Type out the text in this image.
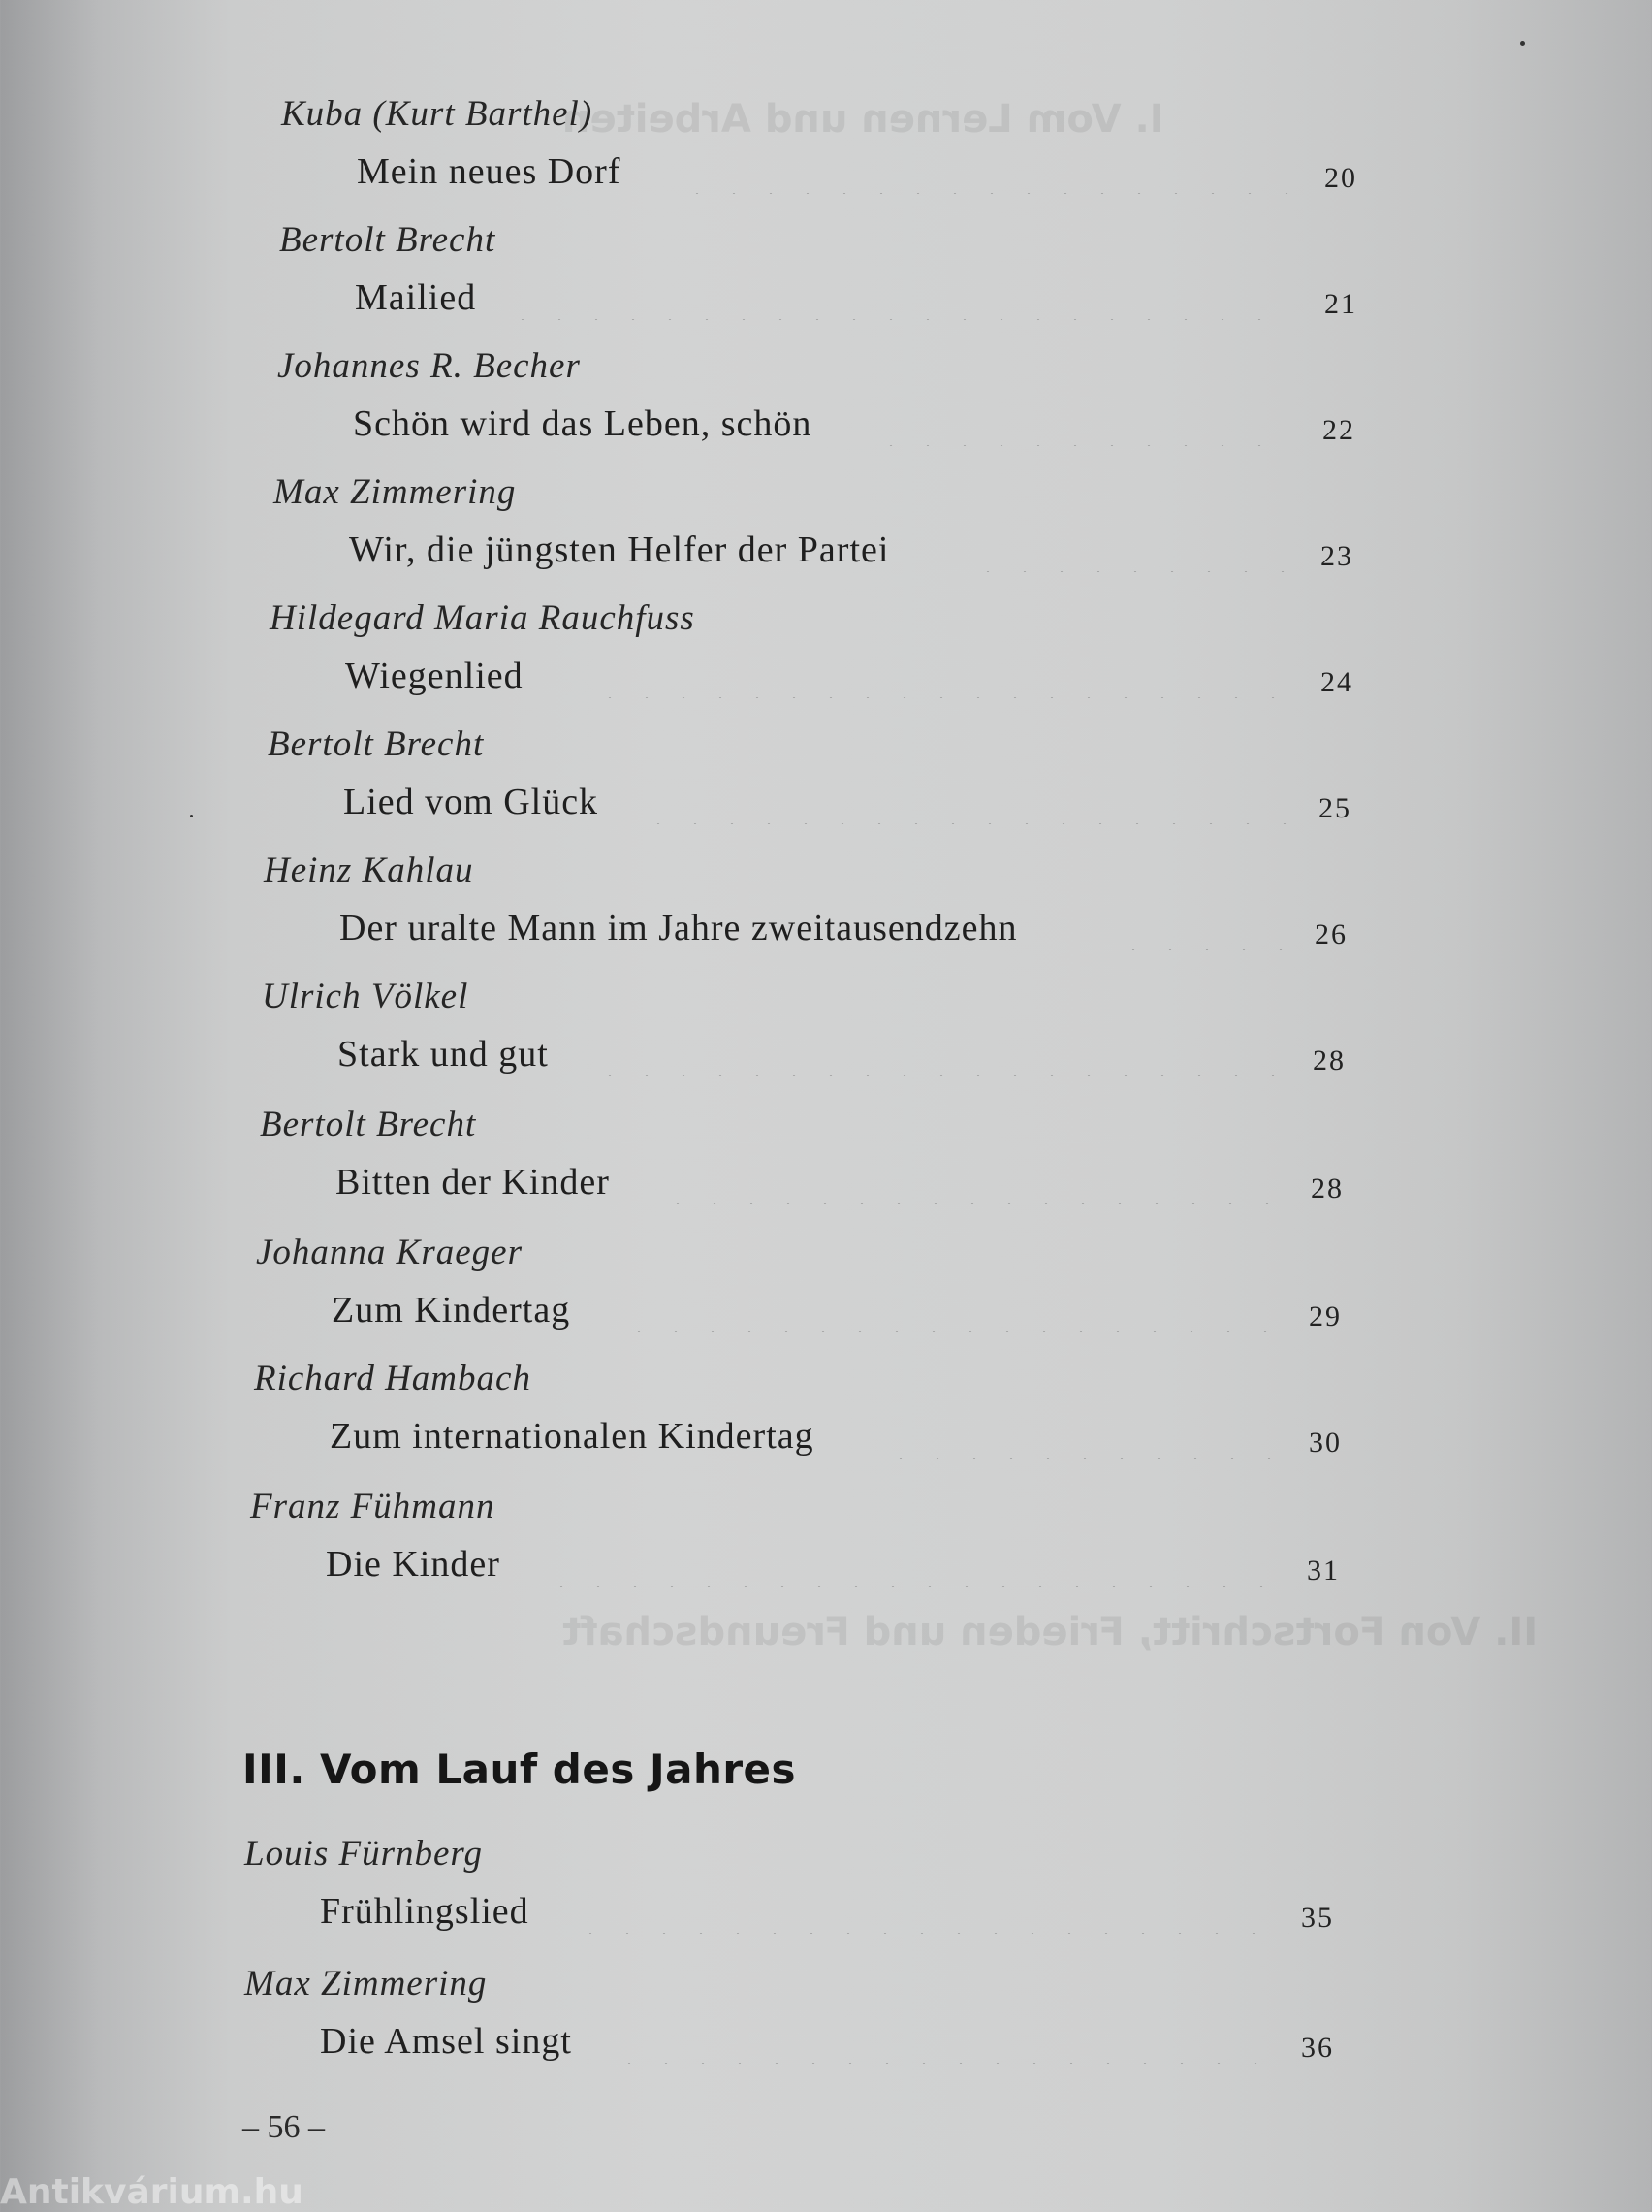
I. Vom Lernen und Arbeiten
II. Von Fortschritt, Frieden und Freundschaft
Kuba (Kurt Barthel)
Mein neues Dorf	20
Bertolt Brecht
Mailied	21
Johannes R. Becher
Schön wird das Leben, schön	22
Max Zimmering
Wir, die jüngsten Helfer der Partei	23
Hildegard Maria Rauchfuss
Wiegenlied	24
Bertolt Brecht
Lied vom Glück	25
Heinz Kahlau
Der uralte Mann im Jahre zweitausendzehn	26
Ulrich Völkel
Stark und gut	28
Bertolt Brecht
Bitten der Kinder	28
Johanna Kraeger
Zum Kindertag	29
Richard Hambach
Zum internationalen Kindertag	30
Franz Fühmann
Die Kinder	31
III. Vom Lauf des Jahres
Louis Fürnberg
Frühlingslied	35
Max Zimmering
Die Amsel singt	36
– 56 –
Antikvárium.hu
